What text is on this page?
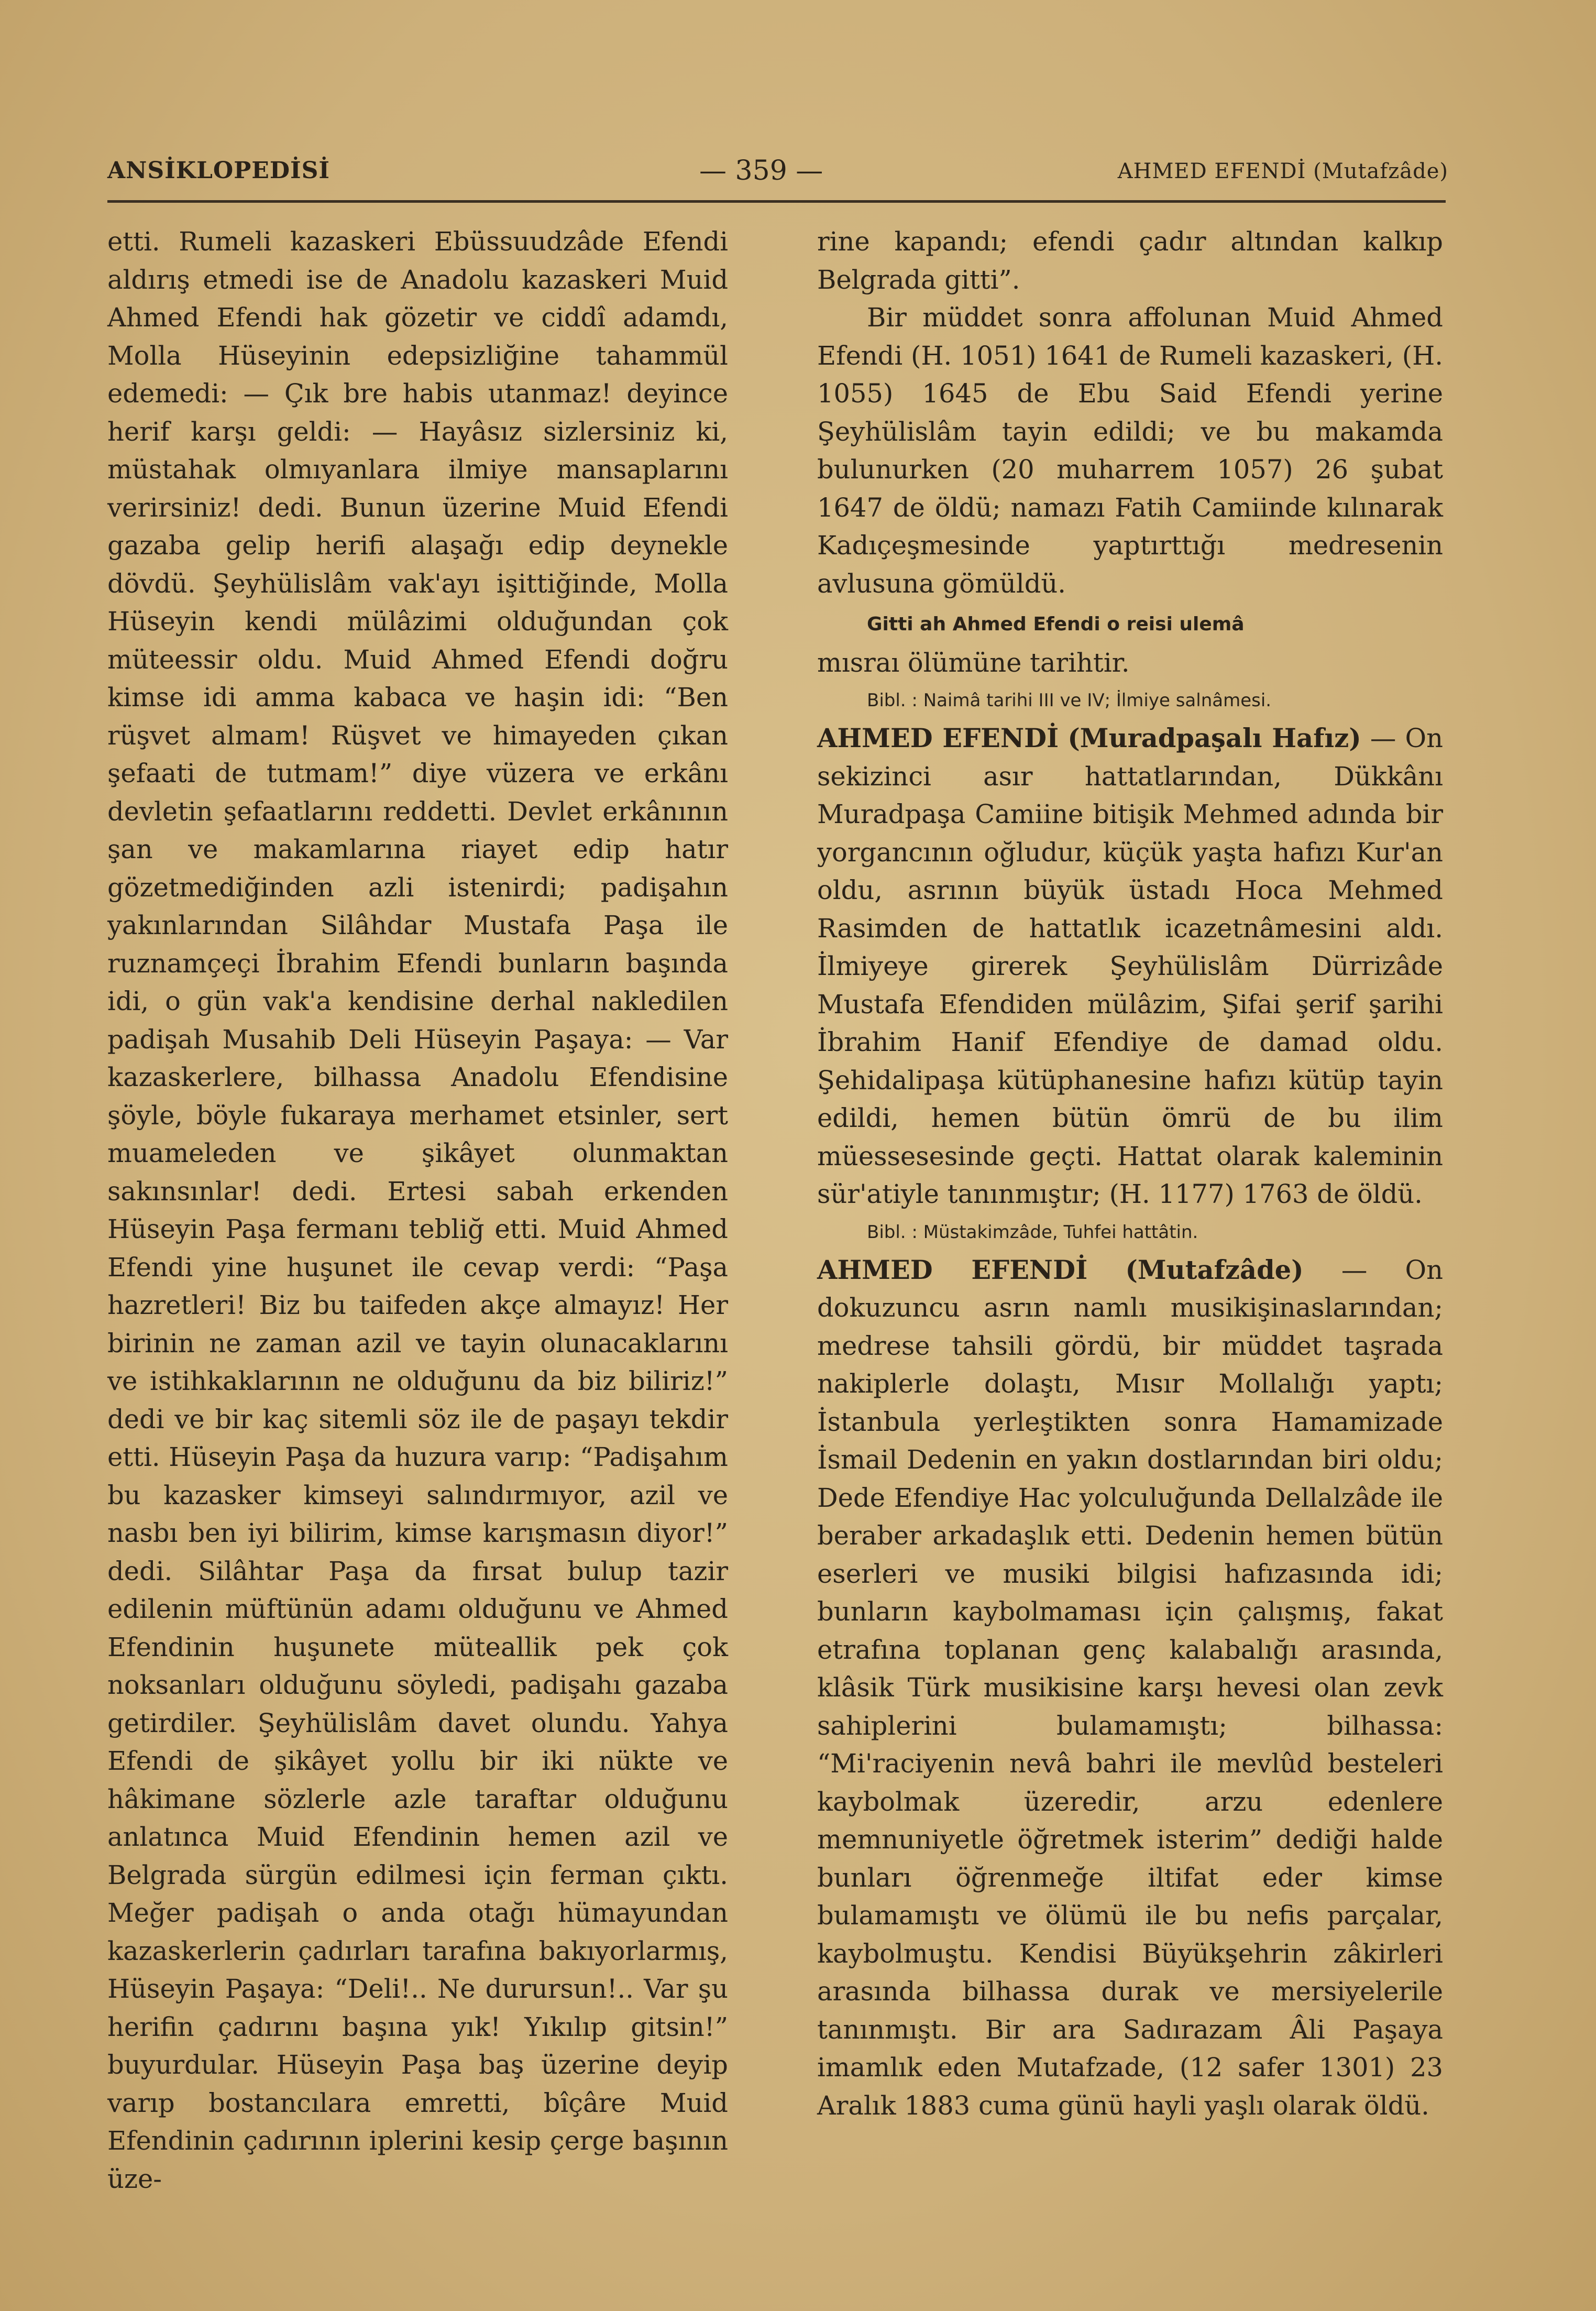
ANSİKLOPEDİSİ	— 359 —	AHMED EFENDİ (Mutafzâde)

etti. Rumeli kazaskeri Ebüssuudzâde Efendi aldırış etmedi ise de Anadolu kazaskeri Muid Ahmed Efendi hak gözetir ve ciddî adamdı, Molla Hüseyinin edepsizliğine tahammül edemedi: — Çık bre habis utanmaz! deyince herif karşı geldi: — Hayâsız sizlersiniz ki, müstahak olmıyanlara ilmiye mansaplarını verirsiniz! dedi. Bunun üzerine Muid Efendi gazaba gelip herifi alaşağı edip deynekle dövdü. Şeyhülislâm vak'ayı işittiğinde, Molla Hüseyin kendi mülâzimi olduğundan çok müteessir oldu. Muid Ahmed Efendi doğru kimse idi amma kabaca ve haşin idi: “Ben rüşvet almam! Rüşvet ve himayeden çıkan şefaati de tutmam!” diye vüzera ve erkânı devletin şefaatlarını reddetti. Devlet erkânının şan ve makamlarına riayet edip hatır gözetmediğinden azli istenirdi; padişahın yakınlarından Silâhdar Mustafa Paşa ile ruznamçeçi İbrahim Efendi bunların başında idi, o gün vak'a kendisine derhal nakledilen padişah Musahib Deli Hüseyin Paşaya: — Var kazaskerlere, bilhassa Anadolu Efendisine şöyle, böyle fukaraya merhamet etsinler, sert muameleden ve şikâyet olunmaktan sakınsınlar! dedi. Ertesi sabah erkenden Hüseyin Paşa fermanı tebliğ etti. Muid Ahmed Efendi yine huşunet ile cevap verdi: “Paşa hazretleri! Biz bu taifeden akçe almayız! Her birinin ne zaman azil ve tayin olunacaklarını ve istihkaklarının ne olduğunu da biz biliriz!” dedi ve bir kaç sitemli söz ile de paşayı tekdir etti. Hüseyin Paşa da huzura varıp: “Padişahım bu kazasker kimseyi salındırmıyor, azil ve nasbı ben iyi bilirim, kimse karışmasın diyor!” dedi. Silâhtar Paşa da fırsat bulup tazir edilenin müftünün adamı olduğunu ve Ahmed Efendinin huşunete müteallik pek çok noksanları olduğunu söyledi, padişahı gazaba getirdiler. Şeyhülislâm davet olundu. Yahya Efendi de şikâyet yollu bir iki nükte ve hâkimane sözlerle azle taraftar olduğunu anlatınca Muid Efendinin hemen azil ve Belgrada sürgün edilmesi için ferman çıktı. Meğer padişah o anda otağı hümayundan kazaskerlerin çadırları tarafına bakıyorlarmış, Hüseyin Paşaya: “Deli!.. Ne durursun!.. Var şu herifin çadırını başına yık! Yıkılıp gitsin!” buyurdular. Hüseyin Paşa baş üzerine deyip varıp bostancılara emretti, bîçâre Muid Efendinin çadırının iplerini kesip çerge başının üze-

rine kapandı; efendi çadır altından kalkıp Belgrada gitti”.

Bir müddet sonra affolunan Muid Ahmed Efendi (H. 1051) 1641 de Rumeli kazaskeri, (H. 1055) 1645 de Ebu Said Efendi yerine Şeyhülislâm tayin edildi; ve bu makamda bulunurken (20 muharrem 1057) 26 şubat 1647 de öldü; namazı Fatih Camiinde kılınarak Kadıçeşmesinde yaptırttığı medresenin avlusuna gömüldü.

Gitti ah Ahmed Efendi o reisi ulemâ

mısraı ölümüne tarihtir.

Bibl. : Naimâ tarihi III ve IV; İlmiye salnâmesi.

AHMED EFENDİ (Muradpaşalı Hafız) — On sekizinci asır hattatlarından, Dükkânı Muradpaşa Camiine bitişik Mehmed adında bir yorgancının oğludur, küçük yaşta hafızı Kur'an oldu, asrının büyük üstadı Hoca Mehmed Rasimden de hattatlık icazetnâmesini aldı. İlmiyeye girerek Şeyhülislâm Dürrizâde Mustafa Efendiden mülâzim, Şifai şerif şarihi İbrahim Hanif Efendiye de damad oldu. Şehidalipaşa kütüphanesine hafızı kütüp tayin edildi, hemen bütün ömrü de bu ilim müessesesinde geçti. Hattat olarak kaleminin sür'atiyle tanınmıştır; (H. 1177) 1763 de öldü.

Bibl. : Müstakimzâde, Tuhfei hattâtin.

AHMED EFENDİ (Mutafzâde) — On dokuzuncu asrın namlı musikişinaslarından; medrese tahsili gördü, bir müddet taşrada nakiplerle dolaştı, Mısır Mollalığı yaptı; İstanbula yerleştikten sonra Hamamizade İsmail Dedenin en yakın dostlarından biri oldu; Dede Efendiye Hac yolculuğunda Dellalzâde ile beraber arkadaşlık etti. Dedenin hemen bütün eserleri ve musiki bilgisi hafızasında idi; bunların kaybolmaması için çalışmış, fakat etrafına toplanan genç kalabalığı arasında, klâsik Türk musikisine karşı hevesi olan zevk sahiplerini bulamamıştı; bilhassa: “Mi'raciyenin nevâ bahri ile mevlûd besteleri kaybolmak üzeredir, arzu edenlere memnuniyetle öğretmek isterim” dediği halde bunları öğrenmeğe iltifat eder kimse bulamamıştı ve ölümü ile bu nefis parçalar, kaybolmuştu. Kendisi Büyükşehrin zâkirleri arasında bilhassa durak ve mersiyelerile tanınmıştı. Bir ara Sadırazam Âli Paşaya imamlık eden Mutafzade, (12 safer 1301) 23 Aralık 1883 cuma günü hayli yaşlı olarak öldü.
